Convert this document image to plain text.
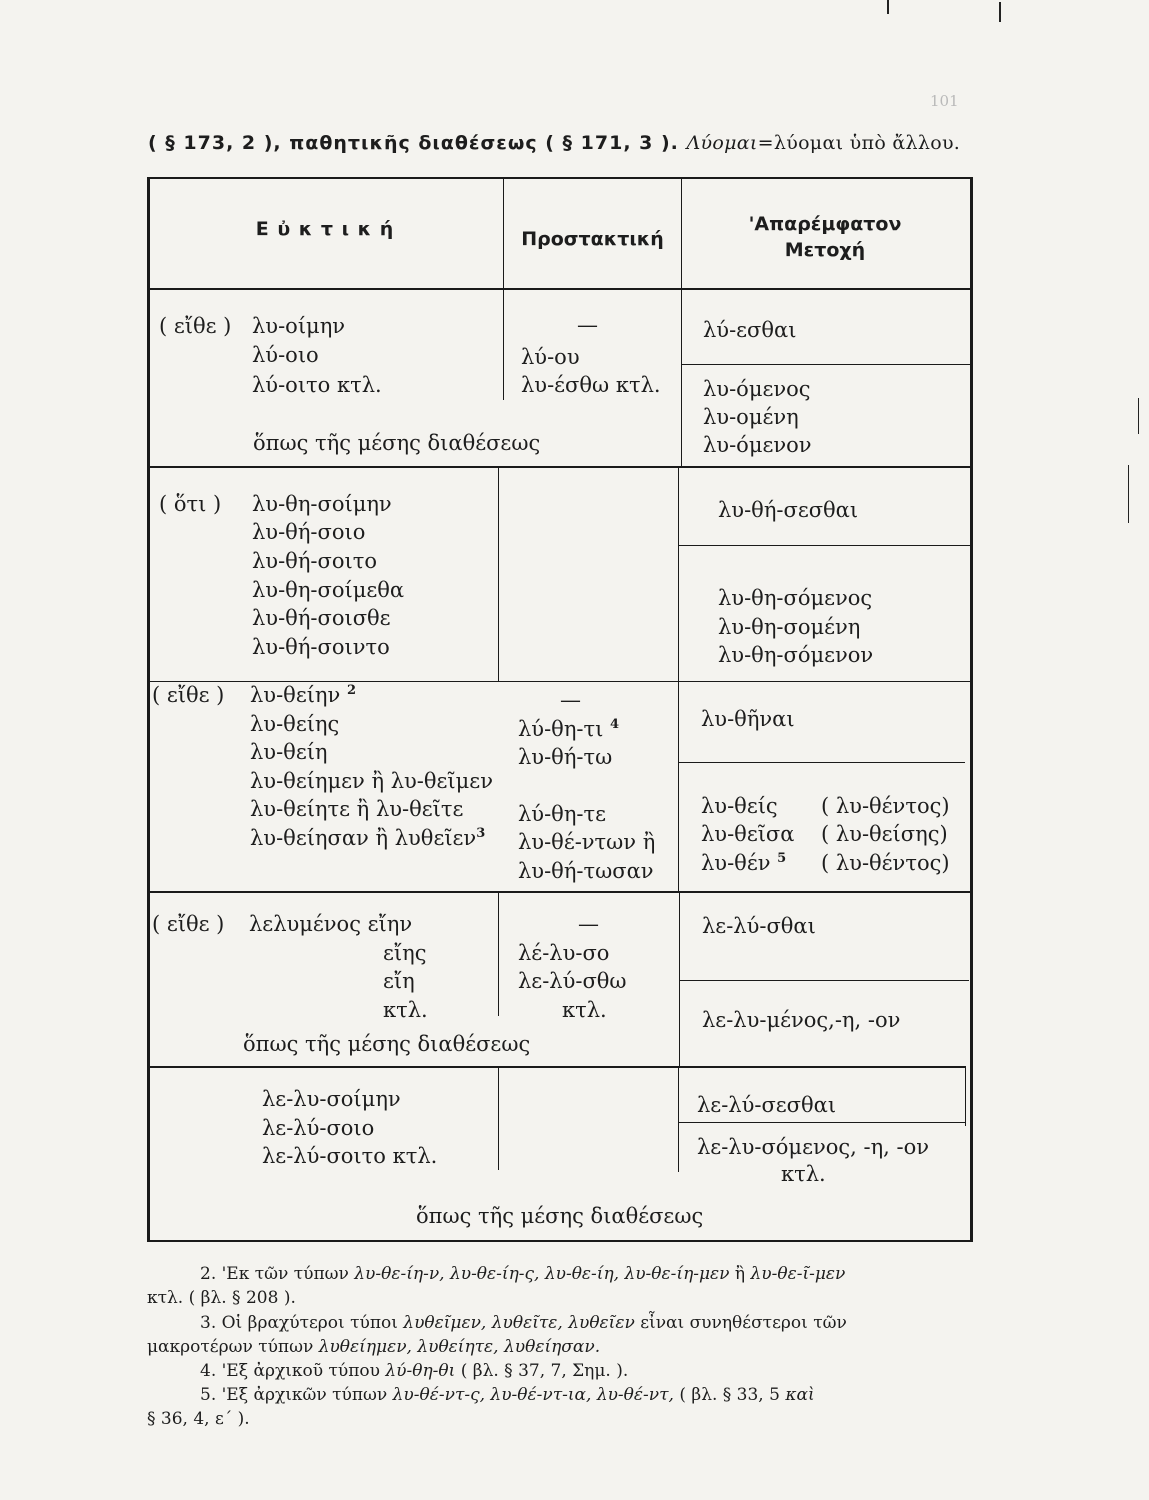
101
( § 173, 2 ), παθητικῆς διαθέσεως ( § 171, 3 ). Λύομαι=λύομαι ὑπὸ ἄλλου.
Ε ὐ κ τ ι κ ή	Προστακτική
'Απαρέμφατον
Μετοχή
( εἴθε ) λυ-οίμην
λύ-οιο
λύ-οιτο κτλ.
—
λύ-ου
λυ-έσθω κτλ.
λύ-εσθαι
λυ-όμενος
λυ-ομένη
λυ-όμενον
ὅπως τῆς μέσης διαθέσεως
( ὅτι ) λυ-θη-σοίμην
λυ-θή-σοιο
λυ-θή-σοιτο
λυ-θη-σοίμεθα
λυ-θή-σοισθε
λυ-θή-σοιντο
λυ-θή-σεσθαι
λυ-θη-σόμενος
λυ-θη-σομένη
λυ-θη-σόμενον
( εἴθε ) λυ-θείην $^2$
λυ-θείης
λυ-θείη
λυ-θείημεν ἢ λυ-θεῖμεν
λυ-θείητε ἢ λυ-θεῖτε
λυ-θείησαν ἢ λυθεῖεν$^3$
—
λύ-θη-τι $^4$
λυ-θή-τω
λύ-θη-τε
λυ-θέ-ντων ἢ
λυ-θή-τωσαν
λυ-θῆναι
λυ-θείς
λυ-θεῖσα
λυ-θέν $^5$
( λυ-θέντος)
( λυ-θείσης)
( λυ-θέντος)
( εἴθε ) λελυμένος εἴην
εἴης
εἴη
κτλ.
—
λέ-λυ-σο
λε-λύ-σθω
κτλ.
λε-λύ-σθαι
λε-λυ-μένος,-η, -ον
ὅπως τῆς μέσης διαθέσεως
λε-λυ-σοίμην
λε-λύ-σοιο
λε-λύ-σοιτο κτλ.
λε-λύ-σεσθαι
λε-λυ-σόμενος, -η, -ον
κτλ.
ὅπως τῆς μέσης διαθέσεως
2. 'Εκ τῶν τύπων λυ-θε-ίη-ν, λυ-θε-ίη-ς, λυ-θε-ίη, λυ-θε-ίη-μεν ἢ λυ-θε-ῖ-μεν
κτλ. ( βλ. § 208 ).
3. Οἱ βραχύτεροι τύποι λυθεῖμεν, λυθεῖτε, λυθεῖεν εἶναι συνηθέστεροι τῶν
μακροτέρων τύπων λυθείημεν, λυθείητε, λυθείησαν.
4. 'Εξ ἀρχικοῦ τύπου λύ-θη-θι ( βλ. § 37, 7, Σημ. ).
5. 'Εξ ἀρχικῶν τύπων λυ-θέ-ντ-ς, λυ-θέ-ντ-ια, λυ-θέ-ντ, ( βλ. § 33, 5 καὶ
§ 36, 4, ε΄ ).
